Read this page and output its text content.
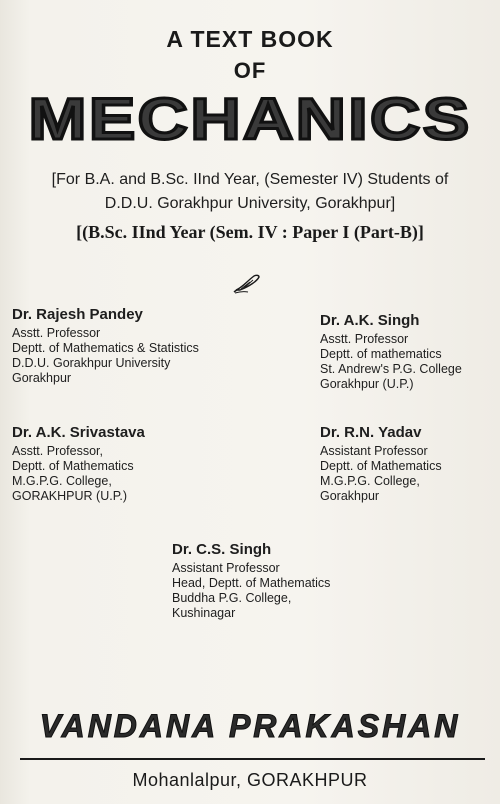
A TEXT BOOK
OF
MECHANICS
[For B.A. and B.Sc. IInd Year, (Semester IV) Students of
D.D.U. Gorakhpur University, Gorakhpur]
[(B.Sc. IInd Year (Sem. IV : Paper I (Part-B)]
Dr. Rajesh Pandey
Asstt. Professor
Deptt. of Mathematics & Statistics
D.D.U. Gorakhpur University
Gorakhpur
Dr. A.K. Singh
Asstt. Professor
Deptt. of mathematics
St. Andrew's P.G. College
Gorakhpur (U.P.)
Dr. A.K. Srivastava
Asstt. Professor,
Deptt. of Mathematics
M.G.P.G. College,
GORAKHPUR (U.P.)
Dr. R.N. Yadav
Assistant Professor
Deptt. of Mathematics
M.G.P.G. College,
Gorakhpur
Dr. C.S. Singh
Assistant Professor
Head, Deptt. of Mathematics
Buddha P.G. College,
Kushinagar
VANDANA PRAKASHAN
Mohanlalpur, GORAKHPUR
